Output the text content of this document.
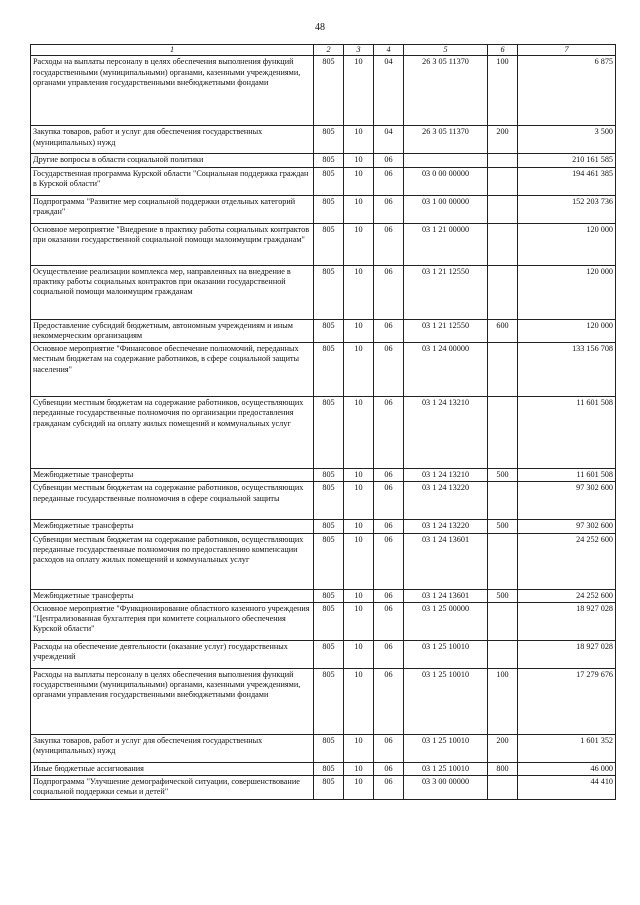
48
1	2	3	4	5	6	7
Расходы на выплаты персоналу в целях обеспечения выполнения функций государственными (муниципальными) органами, казенными учреждениями, органами управления государственными внебюджетными фондами	805	10	04	26 3 05 11370	100	6 875
Закупка товаров, работ и услуг для обеспечения государственных (муниципальных) нужд	805	10	04	26 3 05 11370	200	3 500
Другие вопросы в области социальной политики	805	10	06			210 161 585
Государственная программа Курской области "Социальная поддержка граждан в Курской области"	805	10	06	03 0 00 00000		194 461 385
Подпрограмма "Развитие мер социальной поддержки отдельных категорий граждан"	805	10	06	03 1 00 00000		152 203 736
Основное мероприятие "Внедрение в практику работы социальных контрактов при оказании государственной социальной помощи малоимущим гражданам"	805	10	06	03 1 21 00000		120 000
Осуществление реализации комплекса мер, направленных на внедрение в практику работы социальных контрактов при оказании государственной социальной помощи малоимущим гражданам	805	10	06	03 1 21 12550		120 000
Предоставление субсидий бюджетным, автономным учреждениям и иным некоммерческим организациям	805	10	06	03 1 21 12550	600	120 000
Основное мероприятие "Финансовое обеспечение полномочий, переданных местным бюджетам на содержание работников, в сфере социальной защиты населения"	805	10	06	03 1 24 00000		133 156 708
Субвенции местным бюджетам на содержание работников, осуществляющих переданные государственные полномочия по организации предоставления гражданам субсидий на оплату жилых помещений и коммунальных услуг	805	10	06	03 1 24 13210		11 601 508
Межбюджетные трансферты	805	10	06	03 1 24 13210	500	11 601 508
Субвенции местным бюджетам на содержание работников, осуществляющих переданные государственные полномочия в сфере социальной защиты	805	10	06	03 1 24 13220		97 302 600
Межбюджетные трансферты	805	10	06	03 1 24 13220	500	97 302 600
Субвенции местным бюджетам на содержание работников, осуществляющих переданные государственные полномочия по предоставлению компенсации расходов на оплату жилых помещений и коммунальных услуг	805	10	06	03 1 24 13601		24 252 600
Межбюджетные трансферты	805	10	06	03 1 24 13601	500	24 252 600
Основное мероприятие "Функционирование областного казенного учреждения "Централизованная бухгалтерия при комитете социального обеспечения Курской области"	805	10	06	03 1 25 00000		18 927 028
Расходы на обеспечение деятельности (оказание услуг) государственных учреждений	805	10	06	03 1 25 10010		18 927 028
Расходы на выплаты персоналу в целях обеспечения выполнения функций государственными (муниципальными) органами, казенными учреждениями, органами управления государственными внебюджетными фондами	805	10	06	03 1 25 10010	100	17 279 676
Закупка товаров, работ и услуг для обеспечения государственных (муниципальных) нужд	805	10	06	03 1 25 10010	200	1 601 352
Иные бюджетные ассигнования	805	10	06	03 1 25 10010	800	46 000
Подпрограмма "Улучшение демографической ситуации, совершенствование социальной поддержки семьи и детей"	805	10	06	03 3 00 00000		44 410
